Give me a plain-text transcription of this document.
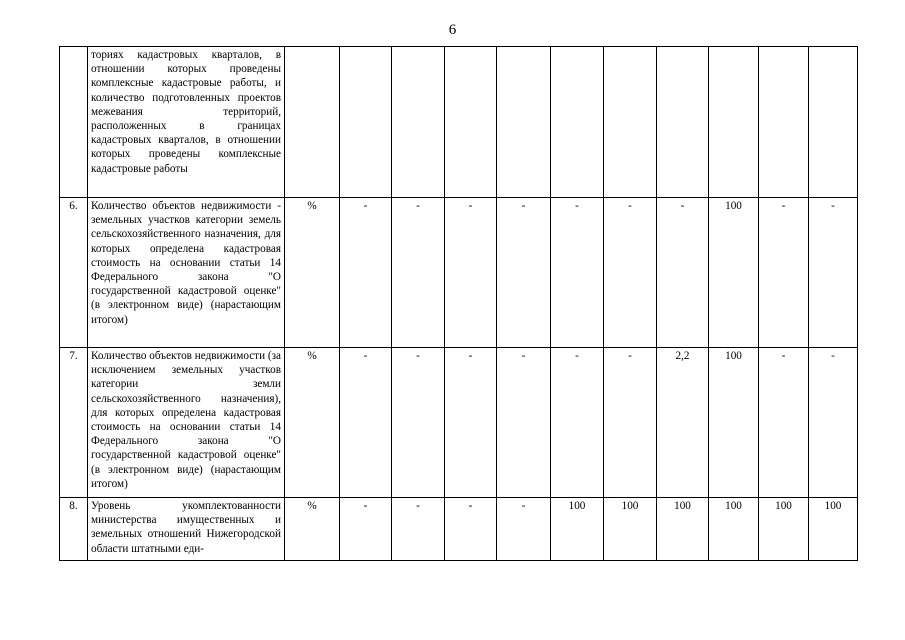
6
	ториях кадастровых кварталов, в отношении которых проведены комплексные кадастровые работы, и количество подготовленных проектов межевания территорий, расположенных в границах кадастровых кварталов, в отношении которых проведены комплексные кадастровые работы											
6.	Количество объектов недвижимости - земельных участков категории земель сельскохозяйственного назначения, для которых определена кадастровая стоимость на основании статьи 14 Федерального закона "О государственной кадастровой оценке" (в электронном виде) (нарастающим итогом)	%	-	-	-	-	-	-	-	100	-	-
7.	Количество объектов недвижимости (за исключением земельных участков категории земли сельскохозяйственного назначения), для которых определена кадастровая стоимость на основании статьи 14 Федерального закона "О государственной кадастровой оценке" (в электронном виде) (нарастающим итогом)	%	-	-	-	-	-	-	2,2	100	-	-
8.	Уровень укомплектованности министерства имущественных и земельных отношений Нижегородской области штатными еди-	%	-	-	-	-	100	100	100	100	100	100
